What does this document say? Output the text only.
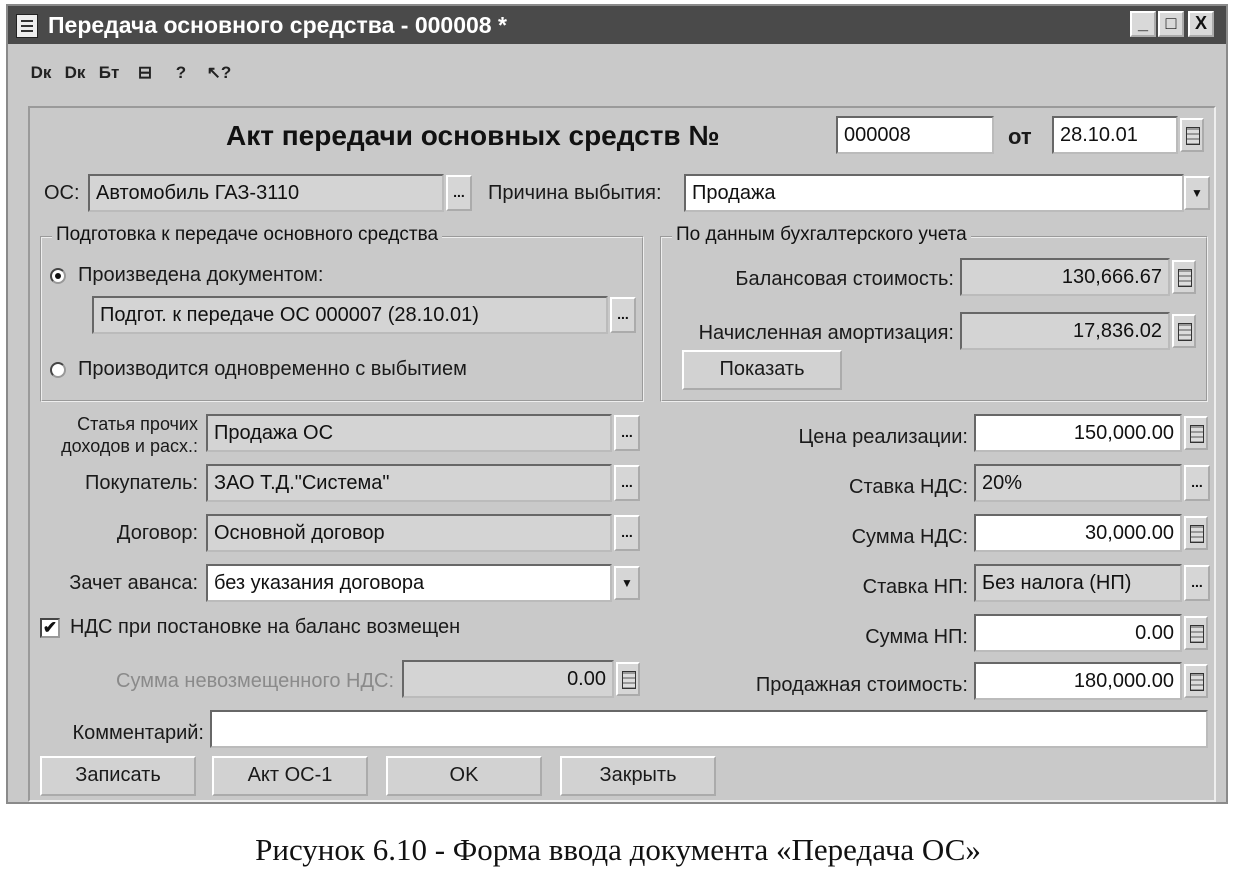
Передача основного средства - 000008 *	_ □	X
Dк Dк Бт	⊟	?	↖?
Акт передачи основных средств №	000008	от	28.10.01
ОС: Автомобиль ГАЗ-3110	...	Причина выбытия:	Продажа	▼
Подготовка к передаче основного средства
Произведена документом:
Подгот. к передаче ОС 000007 (28.10.01)	...
Производится одновременно с выбытием
По данным бухгалтерского учета
Балансовая стоимость:	130,666.67
Начисленная амортизация:	17,836.02
Показать
Статья прочих
доходов и расх.:
Продажа ОС	...
Покупатель: ЗАО Т.Д."Система"	...
Договор: Основной договор	...
Зачет аванса: без указания договора	▼
✔ НДС при постановке на баланс возмещен
Сумма невозмещенного НДС:	0.00
Цена реализации:	150,000.00
Ставка НДС: 20%	...
Сумма НДС:	30,000.00
Ставка НП: Без налога (НП)	...
Сумма НП:	0.00
Продажная стоимость:	180,000.00
Комментарий:
Записать	Акт ОС-1	OK	Закрыть
Рисунок 6.10 - Форма ввода документа «Передача ОС»
